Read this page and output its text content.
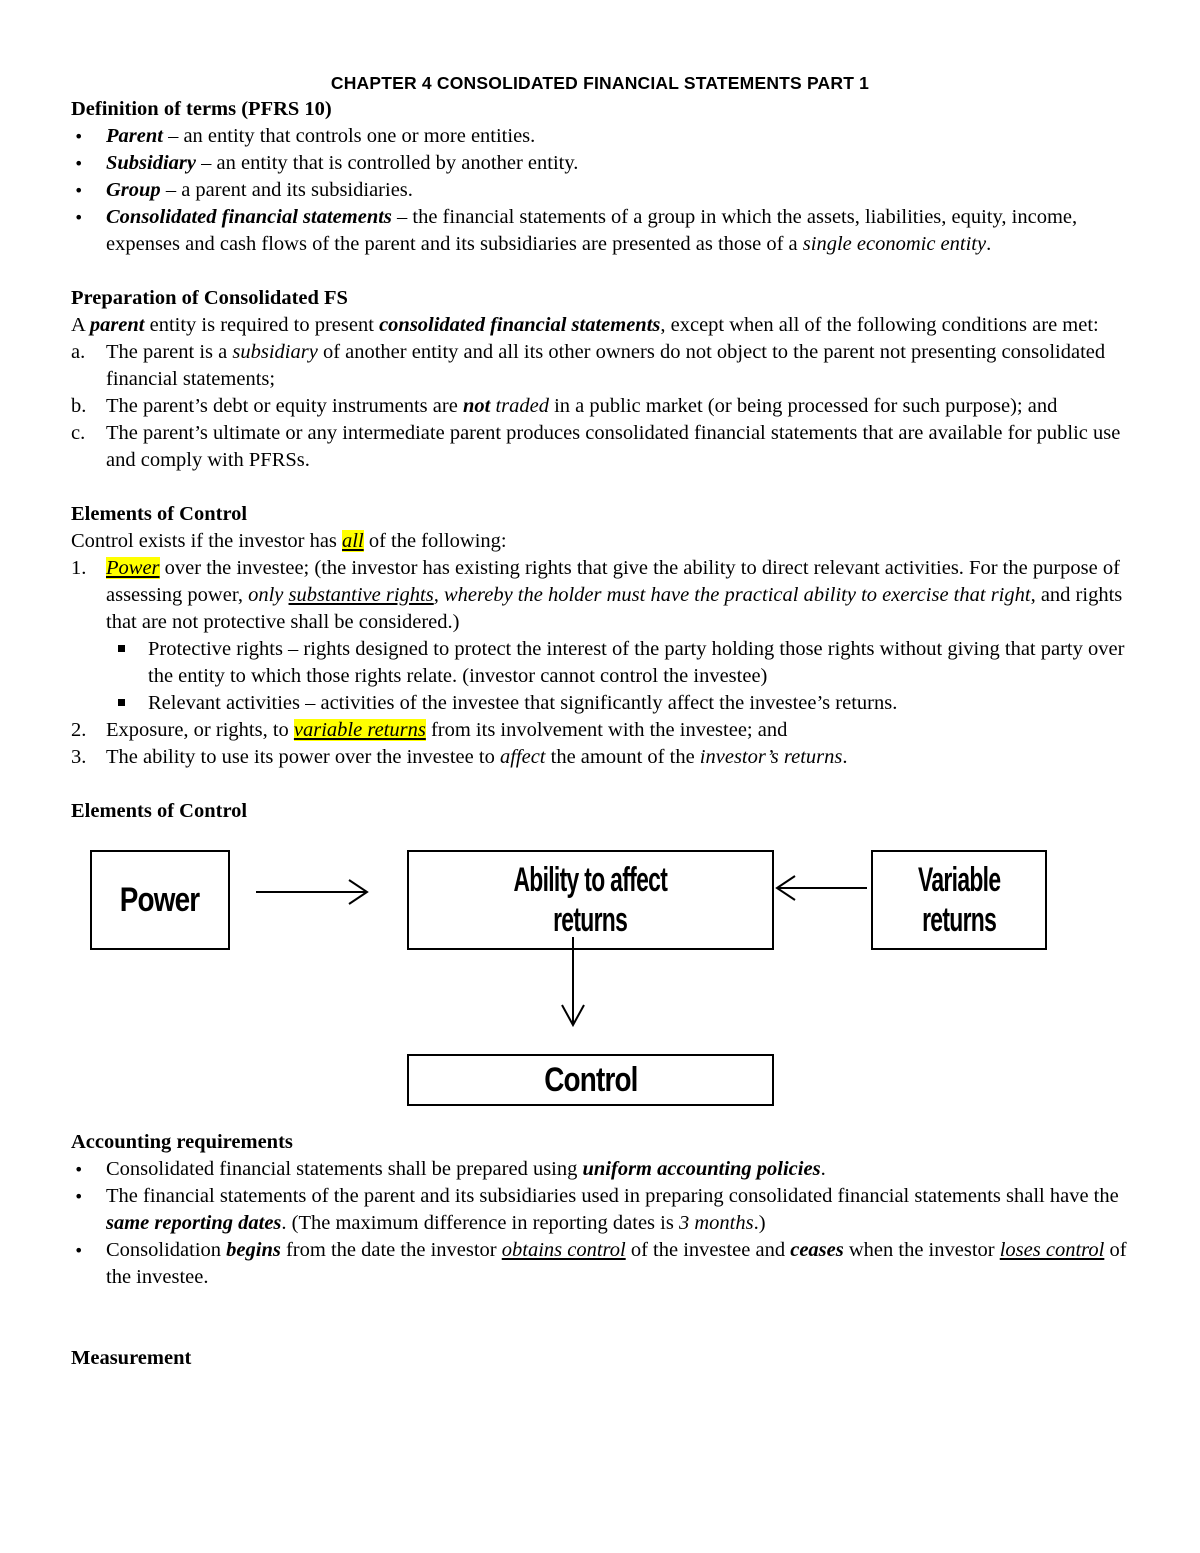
CHAPTER 4 CONSOLIDATED FINANCIAL STATEMENTS PART 1

Definition of terms (PFRS 10)

• Parent – an entity that controls one or more entities.
• Subsidiary – an entity that is controlled by another entity.
• Group – a parent and its subsidiaries.
• Consolidated financial statements – the financial statements of a group in which the assets, liabilities, equity, income, expenses and cash flows of the parent and its subsidiaries are presented as those of a single economic entity.

Preparation of Consolidated FS

A parent entity is required to present consolidated financial statements, except when all of the following conditions are met:

a. The parent is a subsidiary of another entity and all its other owners do not object to the parent not presenting consolidated financial statements;
b. The parent’s debt or equity instruments are not traded in a public market (or being processed for such purpose); and
c. The parent’s ultimate or any intermediate parent produces consolidated financial statements that are available for public use and comply with PFRSs.

Elements of Control

Control exists if the investor has all of the following:

1. Power over the investee; (the investor has existing rights that give the ability to direct relevant activities. For the purpose of assessing power, only substantive rights, whereby the holder must have the practical ability to exercise that right, and rights that are not protective shall be considered.)
Protective rights – rights designed to protect the interest of the party holding those rights without giving that party over the entity to which those rights relate. (investor cannot control the investee)
Relevant activities – activities of the investee that significantly affect the investee’s returns.
2. Exposure, or rights, to variable returns from its involvement with the investee; and
3. The ability to use its power over the investee to affect the amount of the investor’s returns.

Elements of Control

Power
Ability to affect
returns
Variable
returns
Control

Accounting requirements

• Consolidated financial statements shall be prepared using uniform accounting policies.
• The financial statements of the parent and its subsidiaries used in preparing consolidated financial statements shall have the same reporting dates. (The maximum difference in reporting dates is 3 months.)
• Consolidation begins from the date the investor obtains control of the investee and ceases when the investor loses control of the investee.

Measurement
